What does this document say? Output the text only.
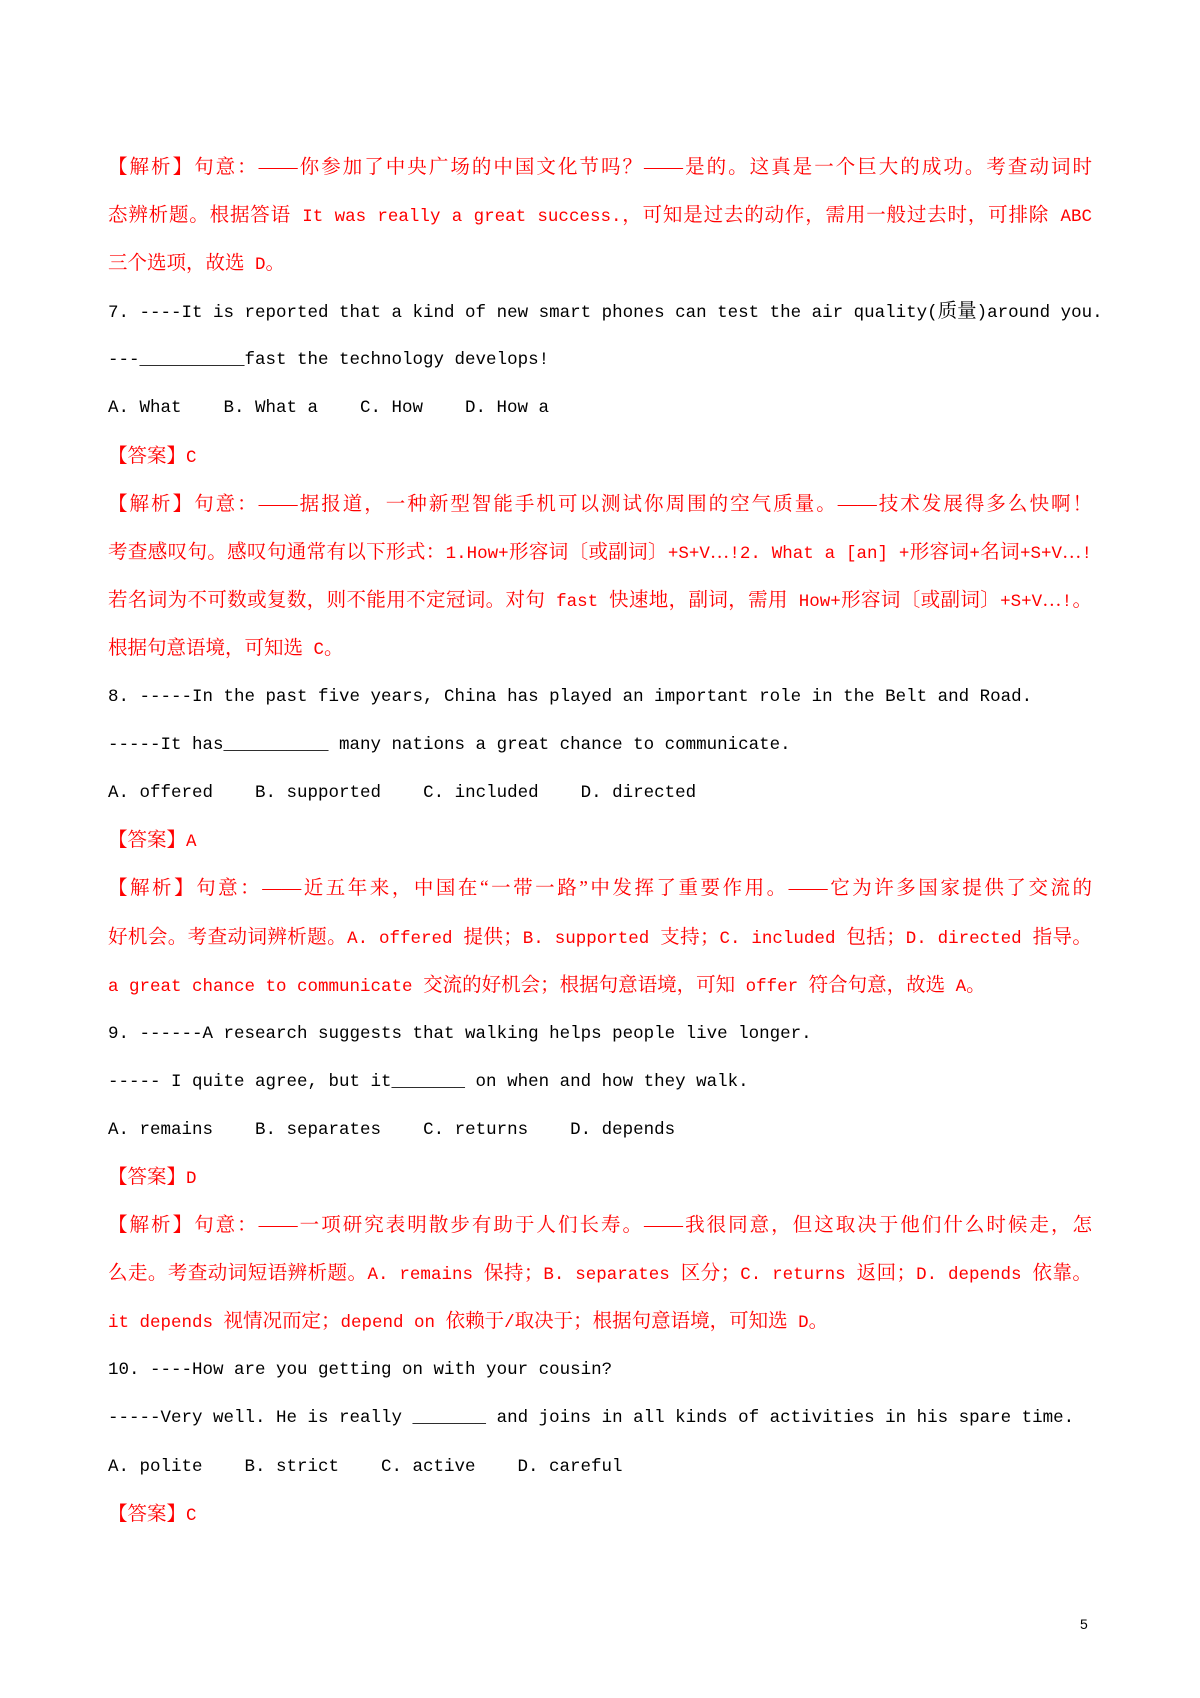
【解析】句意：——你参加了中央广场的中国文化节吗？——是的。这真是一个巨大的成功。考查动词时
态辨析题。根据答语 It was really a great success.，可知是过去的动作，需用一般过去时，可排除 ABC
三个选项，故选 D。
7. ----It is reported that a kind of new smart phones can test the air quality(质量)around you.
---__________fast the technology develops!
A. What B. What a C. How D. How a
【答案】C
【解析】句意：——据报道，一种新型智能手机可以测试你周围的空气质量。——技术发展得多么快啊！
考查感叹句。感叹句通常有以下形式：1.How+形容词〔或副词〕+S+V…!2. What a [an] +形容词+名词+S+V…!
若名词为不可数或复数，则不能用不定冠词。对句 fast 快速地，副词，需用 How+形容词〔或副词〕+S+V…!。
根据句意语境，可知选 C。
8. -----In the past five years, China has played an important role in the Belt and Road.
-----It has__________ many nations a great chance to communicate.
A. offered B. supported C. included D. directed
【答案】A
【解析】句意：——近五年来，中国在“一带一路”中发挥了重要作用。——它为许多国家提供了交流的
好机会。考查动词辨析题。A. offered 提供；B. supported 支持；C. included 包括；D. directed 指导。
a great chance to communicate 交流的好机会；根据句意语境，可知 offer 符合句意，故选 A。
9. ------A research suggests that walking helps people live longer.
----- I quite agree, but it_______ on when and how they walk.
A. remains B. separates C. returns D. depends
【答案】D
【解析】句意：——一项研究表明散步有助于人们长寿。——我很同意，但这取决于他们什么时候走，怎
么走。考查动词短语辨析题。A. remains 保持；B. separates 区分；C. returns 返回；D. depends 依靠。
it depends 视情况而定；depend on 依赖于/取决于；根据句意语境，可知选 D。
10. ----How are you getting on with your cousin?
-----Very well. He is really _______ and joins in all kinds of activities in his spare time.
A. polite B. strict C. active D. careful
【答案】C
5
